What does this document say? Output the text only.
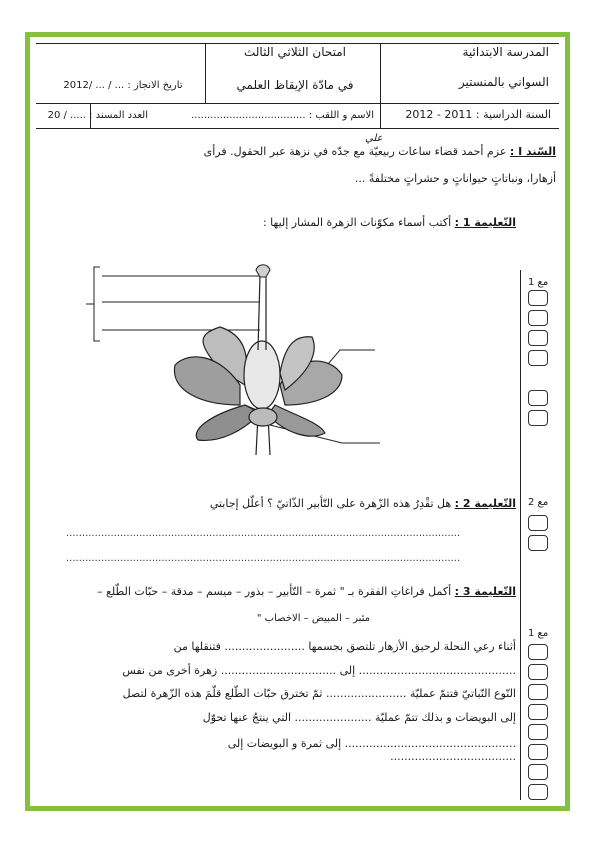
المدرسة الابتدائية
السواني بالمنستير
امتحان الثلاثي الثالث
في مادّة الإيقاظ العلمي
تاريخ الانجاز : ... / ... /2012
السنة الدراسية : 2011 - 2012
الاسم و اللقب : ....................................
العدد المسند : ..... / 20
السّند I : عزم أحمد قضاء ساعات ربيعيّة مع جدّه في نزهة عبر الحقول. فرأى
علي
أزهارا، ونباتاتٍ حيواناتٍ و حشراتٍ مختلفةً ...
التّعليمة 1 : أكتب أسماء مكوّنات الزهرة المشار إليها :
التّعليمة 2 : هل تقْدِرُ هذه الزّهرة على التّأبير الذّاتيّ ؟ أعلّل إجابتي
............................................................................................................................
............................................................................................................................
التّعليمة 3 : أكمل فراغاتِ الفقرة بـ " ثمرة – التّأبير – بذور – ميسم – مدقة – حبّات الطّلع –
مئبر – المبيض – الاخصاب "
أثناء رعي النحلة لرحيق الأزهار تلتصق بجسمها ....................... فتنقلها من
............................................. إلى ................................. زهرة أخرى من نفس
النّوع النّباتيّ فتتمّ عمليّة ....................... ثمّ تخترق حبّات الطّلع قلّمَ هذه الزّهرة لتصل
إلى البويضات و بذلك تتمّ عمليّة ...................... التي ينتجُ عنها تحوّل
................................................. إلى ثمرة و البويضات إلى ....................................
مع 1
مع 2
مع 1
